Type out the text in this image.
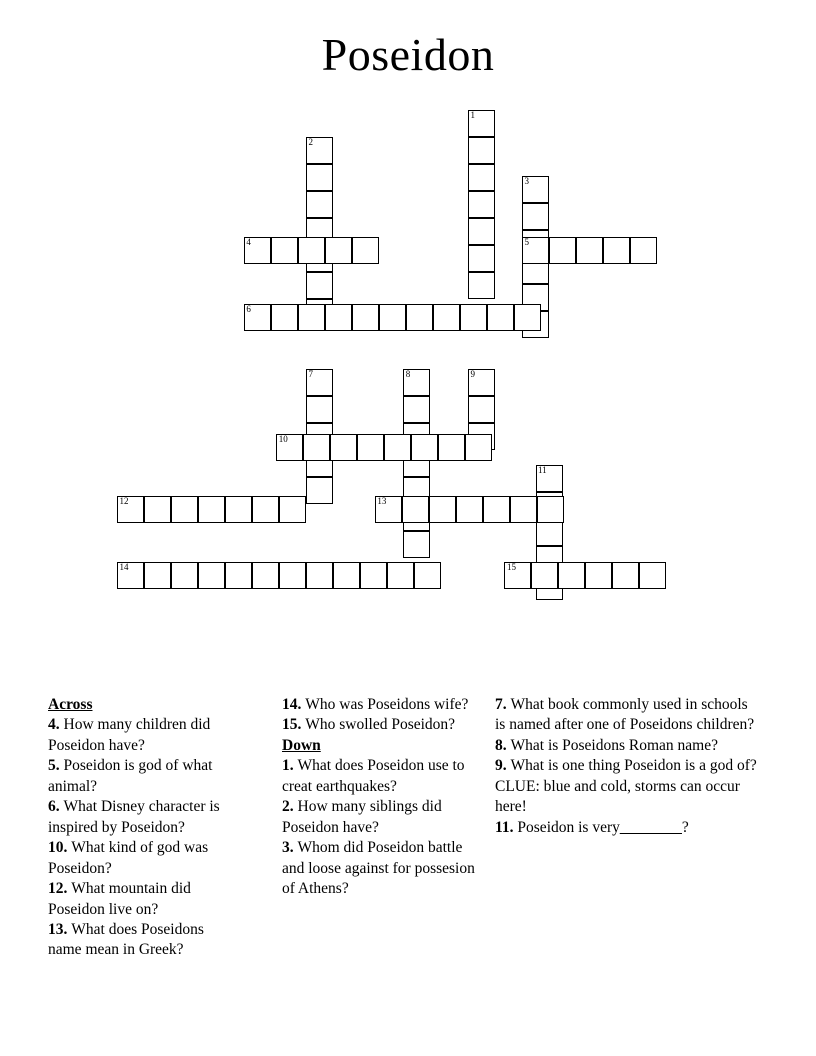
Poseidon
1
2
3
4	5
6
7	8	9
10
11
12	13
14	15
Across
4. How many children did Poseidon have?
5. Poseidon is god of what animal?
6. What Disney character is inspired by Poseidon?
10. What kind of god was Poseidon?
12. What mountain did Poseidon live on?
13. What does Poseidons name mean in Greek?
14. Who was Poseidons wife?
15. Who swolled Poseidon?
Down
1. What does Poseidon use to creat earthquakes?
2. How many siblings did Poseidon have?
3. Whom did Poseidon battle and loose against for possesion of Athens?
7. What book commonly used in schools is named after one of Poseidons children?
8. What is Poseidons Roman name?
9. What is one thing Poseidon is a god of? CLUE: blue and cold, storms can occur here!
11. Poseidon is very________?
